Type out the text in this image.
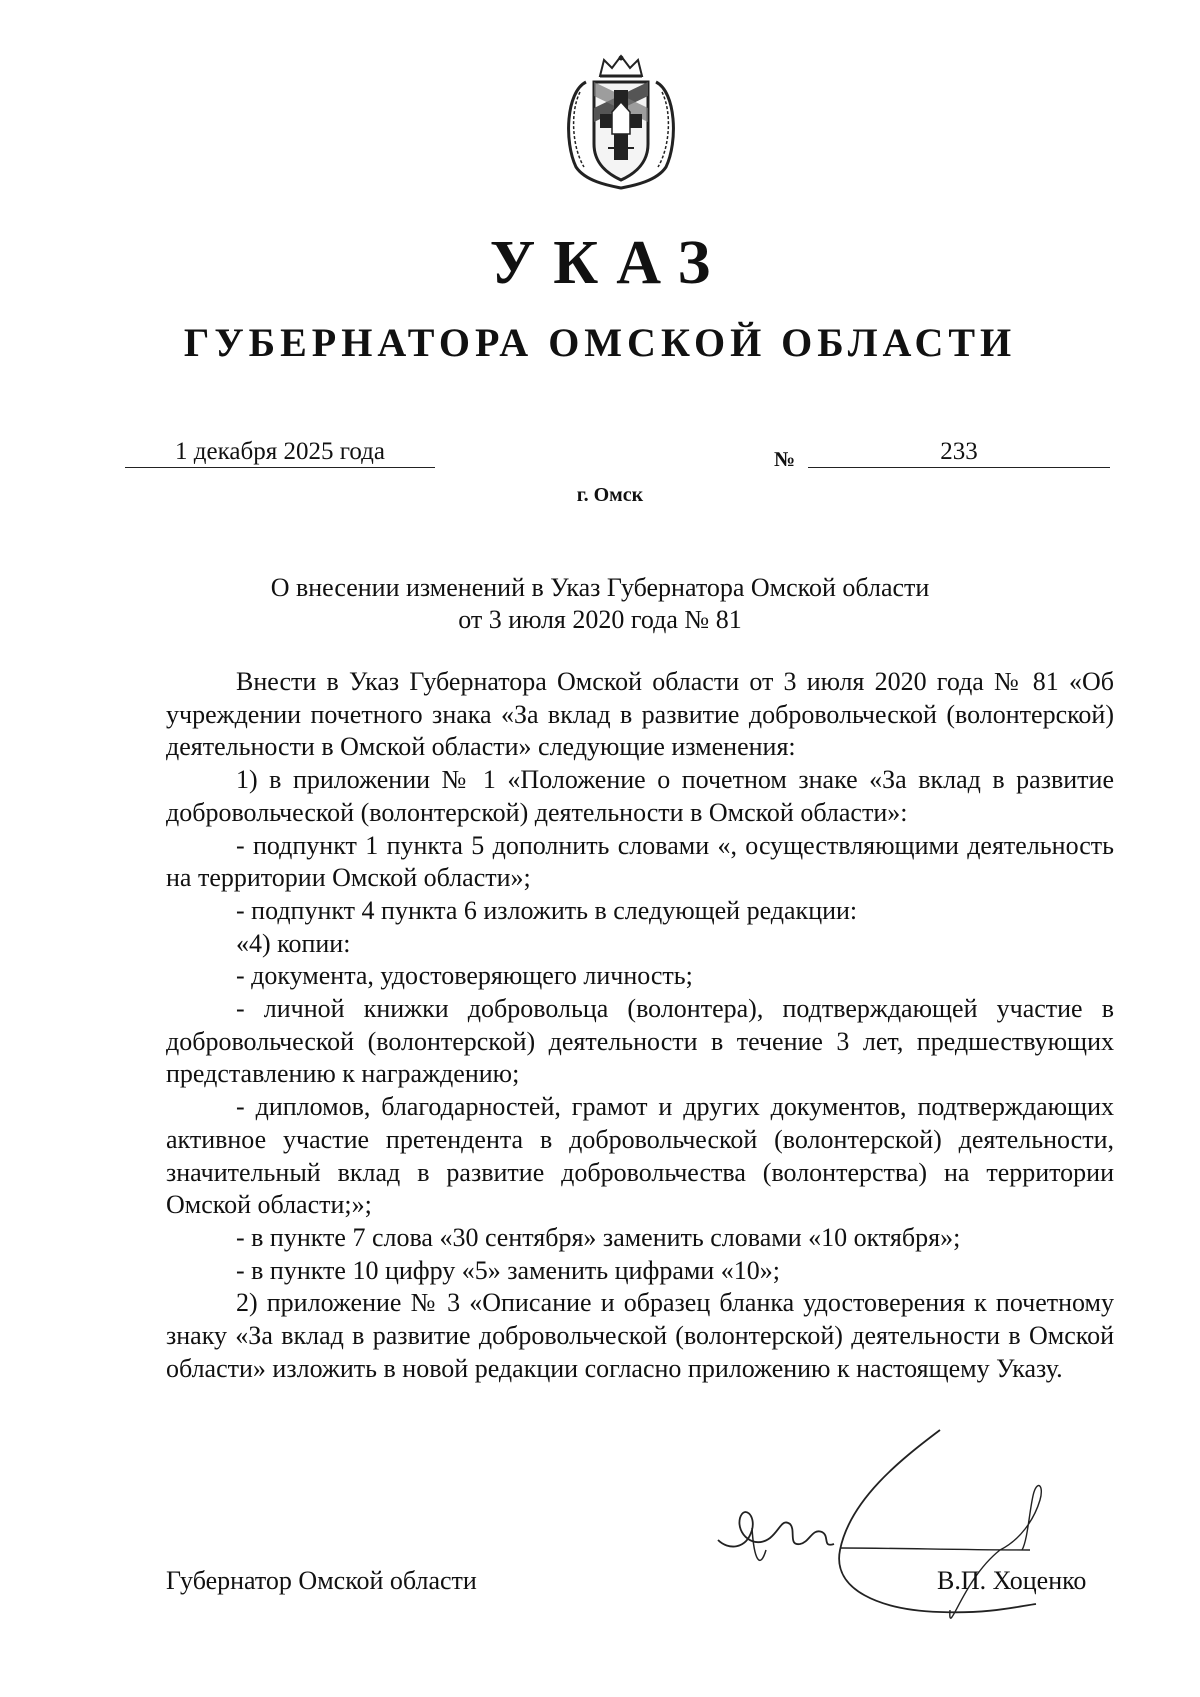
УКАЗ
ГУБЕРНАТОРА ОМСКОЙ ОБЛАСТИ
1 декабря 2025 года	№	233
г. Омск
О внесении изменений в Указ Губернатора Омской области
от 3 июля 2020 года № 81

Внести в Указ Губернатора Омской области от 3 июля 2020 года № 81 «Об учреждении почетного знака «За вклад в развитие добровольческой (волонтерской) деятельности в Омской области» следующие изменения:

1) в приложении № 1 «Положение о почетном знаке «За вклад в развитие добровольческой (волонтерской) деятельности в Омской области»:

- подпункт 1 пункта 5 дополнить словами «, осуществляющими деятельность на территории Омской области»;

- подпункт 4 пункта 6 изложить в следующей редакции:

«4) копии:

- документа, удостоверяющего личность;

- личной книжки добровольца (волонтера), подтверждающей участие в добровольческой (волонтерской) деятельности в течение 3 лет, предшествующих представлению к награждению;

- дипломов, благодарностей, грамот и других документов, подтверждающих активное участие претендента в добровольческой (волонтерской) деятельности, значительный вклад в развитие добровольчества (волонтерства) на территории Омской области;»;

- в пункте 7 слова «30 сентября» заменить словами «10 октября»;

- в пункте 10 цифру «5» заменить цифрами «10»;

2) приложение № 3 «Описание и образец бланка удостоверения к почетному знаку «За вклад в развитие добровольческой (волонтерской) деятельности в Омской области» изложить в новой редакции согласно приложению к настоящему Указу.

Губернатор Омской области	В.П. Хоценко
